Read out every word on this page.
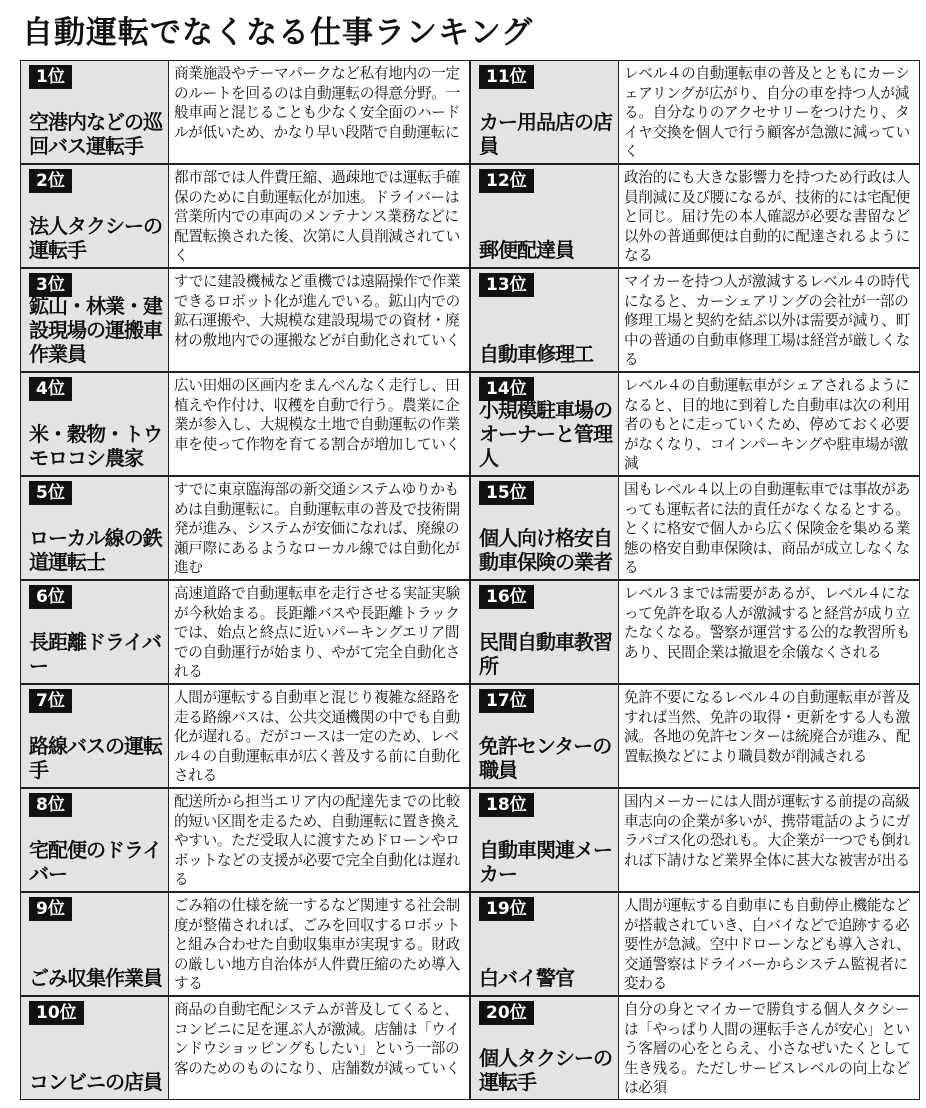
自動運転でなくなる仕事ランキング
1位
空港内などの巡回バス運転手
商業施設やテーマパークなど私有地内の一定のルートを回るのは自動運転の得意分野。一般車両と混じることも少なく安全面のハードルが低いため、かなり早い段階で自動運転に
2位
法人タクシーの運転手
都市部では人件費圧縮、過疎地では運転手確保のために自動運転化が加速。ドライバーは営業所内での車両のメンテナンス業務などに配置転換された後、次第に人員削減されていく
3位
鉱山・林業・建設現場の運搬車作業員
すでに建設機械など重機では遠隔操作で作業できるロボット化が進んでいる。鉱山内での鉱石運搬や、大規模な建設現場での資材・廃材の敷地内での運搬などが自動化されていく
4位
米・穀物・トウモロコシ農家
広い田畑の区画内をまんべんなく走行し、田植えや作付け、収穫を自動で行う。農業に企業が参入し、大規模な土地で自動運転の作業車を使って作物を育てる割合が増加していく
5位
ローカル線の鉄道運転士
すでに東京臨海部の新交通システムゆりかもめは自動運転に。自動運転車の普及で技術開発が進み、システムが安価になれば、廃線の瀬戸際にあるようなローカル線では自動化が進む
6位
長距離ドライバー
高速道路で自動運転車を走行させる実証実験が今秋始まる。長距離バスや長距離トラックでは、始点と終点に近いパーキングエリア間での自動運行が始まり、やがて完全自動化される
7位
路線バスの運転手
人間が運転する自動車と混じり複雑な経路を走る路線バスは、公共交通機関の中でも自動化が遅れる。だがコースは一定のため、レベル４の自動運転車が広く普及する前に自動化される
8位
宅配便のドライバー
配送所から担当エリア内の配達先までの比較的短い区間を走るため、自動運転に置き換えやすい。ただ受取人に渡すためドローンやロボットなどの支援が必要で完全自動化は遅れる
9位
ごみ収集作業員
ごみ箱の仕様を統一するなど関連する社会制度が整備されれば、ごみを回収するロボットと組み合わせた自動収集車が実現する。財政の厳しい地方自治体が人件費圧縮のため導入する
10位
コンビニの店員
商品の自動宅配システムが普及してくると、コンビニに足を運ぶ人が激減。店舗は「ウインドウショッピングもしたい」という一部の客のためのものになり、店舗数が減っていく
11位
カー用品店の店員
レベル４の自動運転車の普及とともにカーシェアリングが広がり、自分の車を持つ人が減る。自分なりのアクセサリーをつけたり、タイヤ交換を個人で行う顧客が急激に減っていく
12位
郵便配達員
政治的にも大きな影響力を持つため行政は人員削減に及び腰になるが、技術的には宅配便と同じ。届け先の本人確認が必要な書留など以外の普通郵便は自動的に配達されるようになる
13位
自動車修理工
マイカーを持つ人が激減するレベル４の時代になると、カーシェアリングの会社が一部の修理工場と契約を結ぶ以外は需要が減り、町中の普通の自動車修理工場は経営が厳しくなる
14位
小規模駐車場のオーナーと管理人
レベル４の自動運転車がシェアされるようになると、目的地に到着した自動車は次の利用者のもとに走っていくため、停めておく必要がなくなり、コインパーキングや駐車場が激減
15位
個人向け格安自動車保険の業者
国もレベル４以上の自動運転車では事故があっても運転者に法的責任がなくなるとする。とくに格安で個人から広く保険金を集める業態の格安自動車保険は、商品が成立しなくなる
16位
民間自動車教習所
レベル３までは需要があるが、レベル４になって免許を取る人が激減すると経営が成り立たなくなる。警察が運営する公的な教習所もあり、民間企業は撤退を余儀なくされる
17位
免許センターの職員
免許不要になるレベル４の自動運転車が普及すれば当然、免許の取得・更新をする人も激減。各地の免許センターは統廃合が進み、配置転換などにより職員数が削減される
18位
自動車関連メーカー
国内メーカーには人間が運転する前提の高級車志向の企業が多いが、携帯電話のようにガラパゴス化の恐れも。大企業が一つでも倒れれば下請けなど業界全体に甚大な被害が出る
19位
白バイ警官
人間が運転する自動車にも自動停止機能などが搭載されていき、白バイなどで追跡する必要性が急減。空中ドローンなども導入され、交通警察はドライバーからシステム監視者に変わる
20位
個人タクシーの運転手
自分の身とマイカーで勝負する個人タクシーは「やっぱり人間の運転手さんが安心」という客層の心をとらえ、小さなぜいたくとして生き残る。ただしサービスレベルの向上などは必須
